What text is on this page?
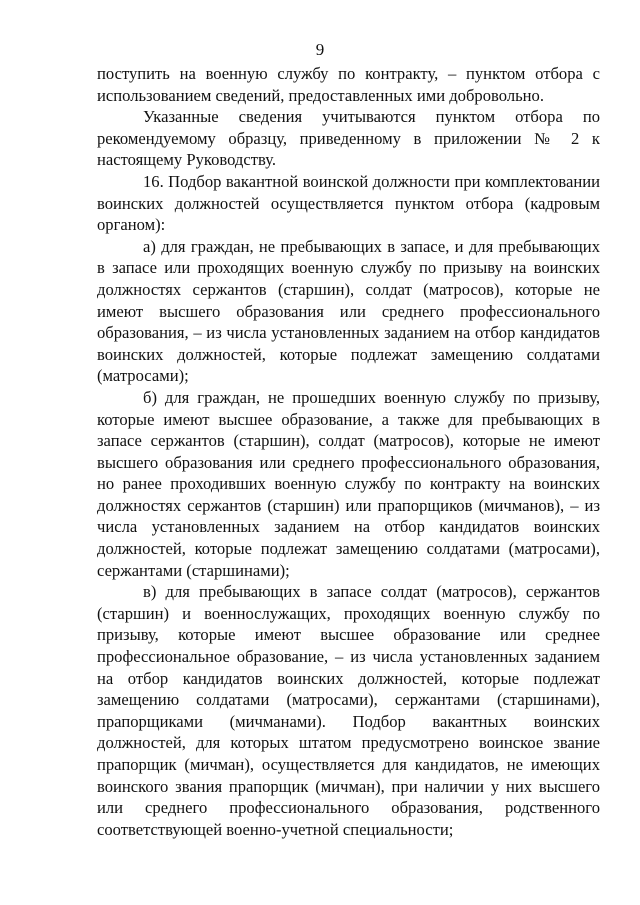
9

поступить на военную службу по контракту, – пунктом отбора с использованием сведений, предоставленных ими добровольно.

Указанные сведения учитываются пунктом отбора по рекомендуемому образцу, приведенному в приложении № 2 к настоящему Руководству.

16. Подбор вакантной воинской должности при комплектовании воинских должностей осуществляется пунктом отбора (кадровым органом):

а) для граждан, не пребывающих в запасе, и для пребывающих в запасе или проходящих военную службу по призыву на воинских должностях сержантов (старшин), солдат (матросов), которые не имеют высшего образования или среднего профессионального образования, – из числа установленных заданием на отбор кандидатов воинских должностей, которые подлежат замещению солдатами (матросами);

б) для граждан, не прошедших военную службу по призыву, которые имеют высшее образование, а также для пребывающих в запасе сержантов (старшин), солдат (матросов), которые не имеют высшего образования или среднего профессионального образования, но ранее проходивших военную службу по контракту на воинских должностях сержантов (старшин) или прапорщиков (мичманов), – из числа установленных заданием на отбор кандидатов воинских должностей, которые подлежат замещению солдатами (матросами), сержантами (старшинами);

в) для пребывающих в запасе солдат (матросов), сержантов (старшин) и военнослужащих, проходящих военную службу по призыву, которые имеют высшее образование или среднее профессиональное образование, – из числа установленных заданием на отбор кандидатов воинских должностей, которые подлежат замещению солдатами (матросами), сержантами (старшинами), прапорщиками (мичманами). Подбор вакантных воинских должностей, для которых штатом предусмотрено воинское звание прапорщик (мичман), осуществляется для кандидатов, не имеющих воинского звания прапорщик (мичман), при наличии у них высшего или среднего профессионального образования, родственного соответствующей военно-учетной специальности;
